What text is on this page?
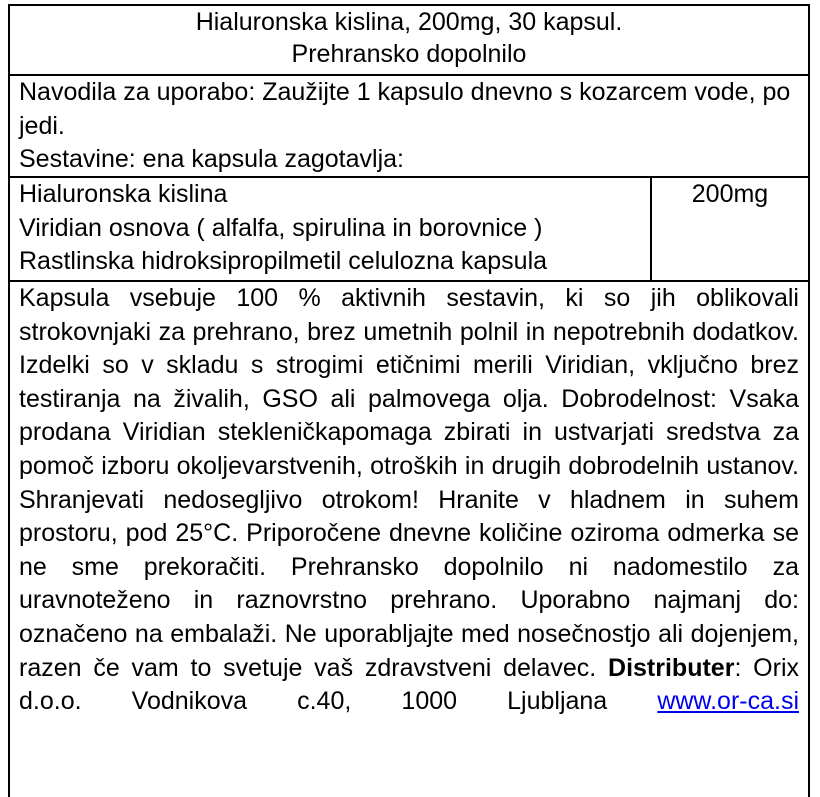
Hialuronska kislina, 200mg, 30 kapsul.
Prehransko dopolnilo
Navodila za uporabo: Zaužijte 1 kapsulo dnevno s kozarcem vode, po jedi.
Sestavine: ena kapsula zagotavlja:
Hialuronska kislina
Viridian osnova ( alfalfa, spirulina in borovnice )
Rastlinska hidroksipropilmetil celulozna kapsula
200mg

Kapsula vsebuje 100 % aktivnih sestavin, ki so jih oblikovali strokovnjaki za prehrano, brez umetnih polnil in nepotrebnih dodatkov. Izdelki so v skladu s strogimi etičnimi merili Viridian, vključno brez testiranja na živalih, GSO ali palmovega olja. Dobrodelnost: Vsaka prodana Viridian stekleničkapomaga zbirati in ustvarjati sredstva za pomoč izboru okoljevarstvenih, otroških in drugih dobrodelnih ustanov. Shranjevati nedosegljivo otrokom! Hranite v hladnem in suhem prostoru, pod 25°C. Priporočene dnevne količine oziroma odmerka se ne sme prekoračiti. Prehransko dopolnilo ni nadomestilo za uravnoteženo in raznovrstno prehrano. Uporabno najmanj do: označeno na embalaži. Ne uporabljajte med nosečnostjo ali dojenjem, razen če vam to svetuje vaš zdravstveni delavec. Distributer: Orix d.o.o. Vodnikova c.40, 1000 Ljubljana www.or-ca.si
